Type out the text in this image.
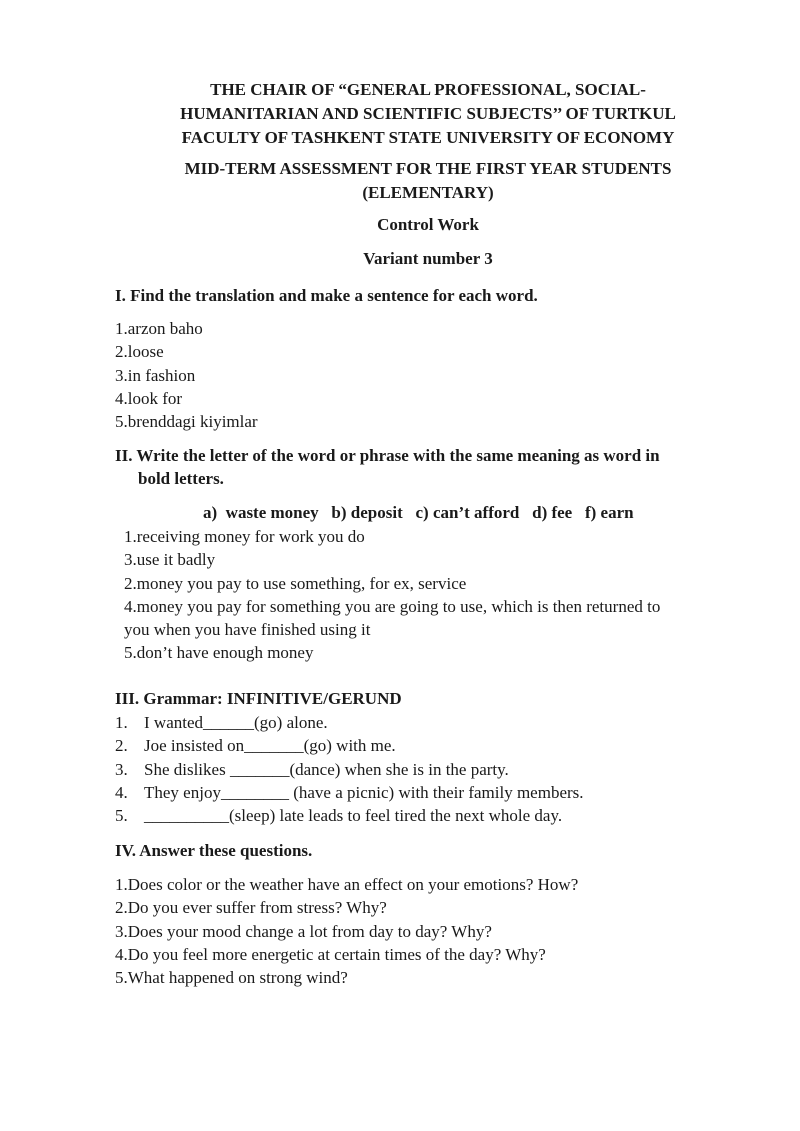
THE CHAIR OF “GENERAL PROFESSIONAL, SOCIAL-
HUMANITARIAN AND SCIENTIFIC SUBJECTS’’ OF TURTKUL
FACULTY OF TASHKENT STATE UNIVERSITY OF ECONOMY
MID-TERM ASSESSMENT FOR THE FIRST YEAR STUDENTS
(ELEMENTARY)
Control Work
Variant number 3
I. Find the translation and make a sentence for each word.
1.arzon baho
2.loose
3.in fashion
4.look for
5.brenddagi kiyimlar
II. Write the letter of the word or phrase with the same meaning as word in
bold letters.
a)  waste money b) deposit c) can’t afford d) fee f) earn
1.receiving money for work you do
3.use it badly
2.money you pay to use something, for ex, service
4.money you pay for something you are going to use, which is then returned to
you when you have finished using it
5.don’t have enough money
III. Grammar: INFINITIVE/GERUND
1. I wanted______(go) alone.
2. Joe insisted on_______(go) with me.
3. She dislikes _______(dance) when she is in the party.
4. They enjoy________ (have a picnic) with their family members.
5. __________(sleep) late leads to feel tired the next whole day.
IV. Answer these questions.
1.Does color or the weather have an effect on your emotions? How?
2.Do you ever suffer from stress? Why?
3.Does your mood change a lot from day to day? Why?
4.Do you feel more energetic at certain times of the day? Why?
5.What happened on strong wind?
